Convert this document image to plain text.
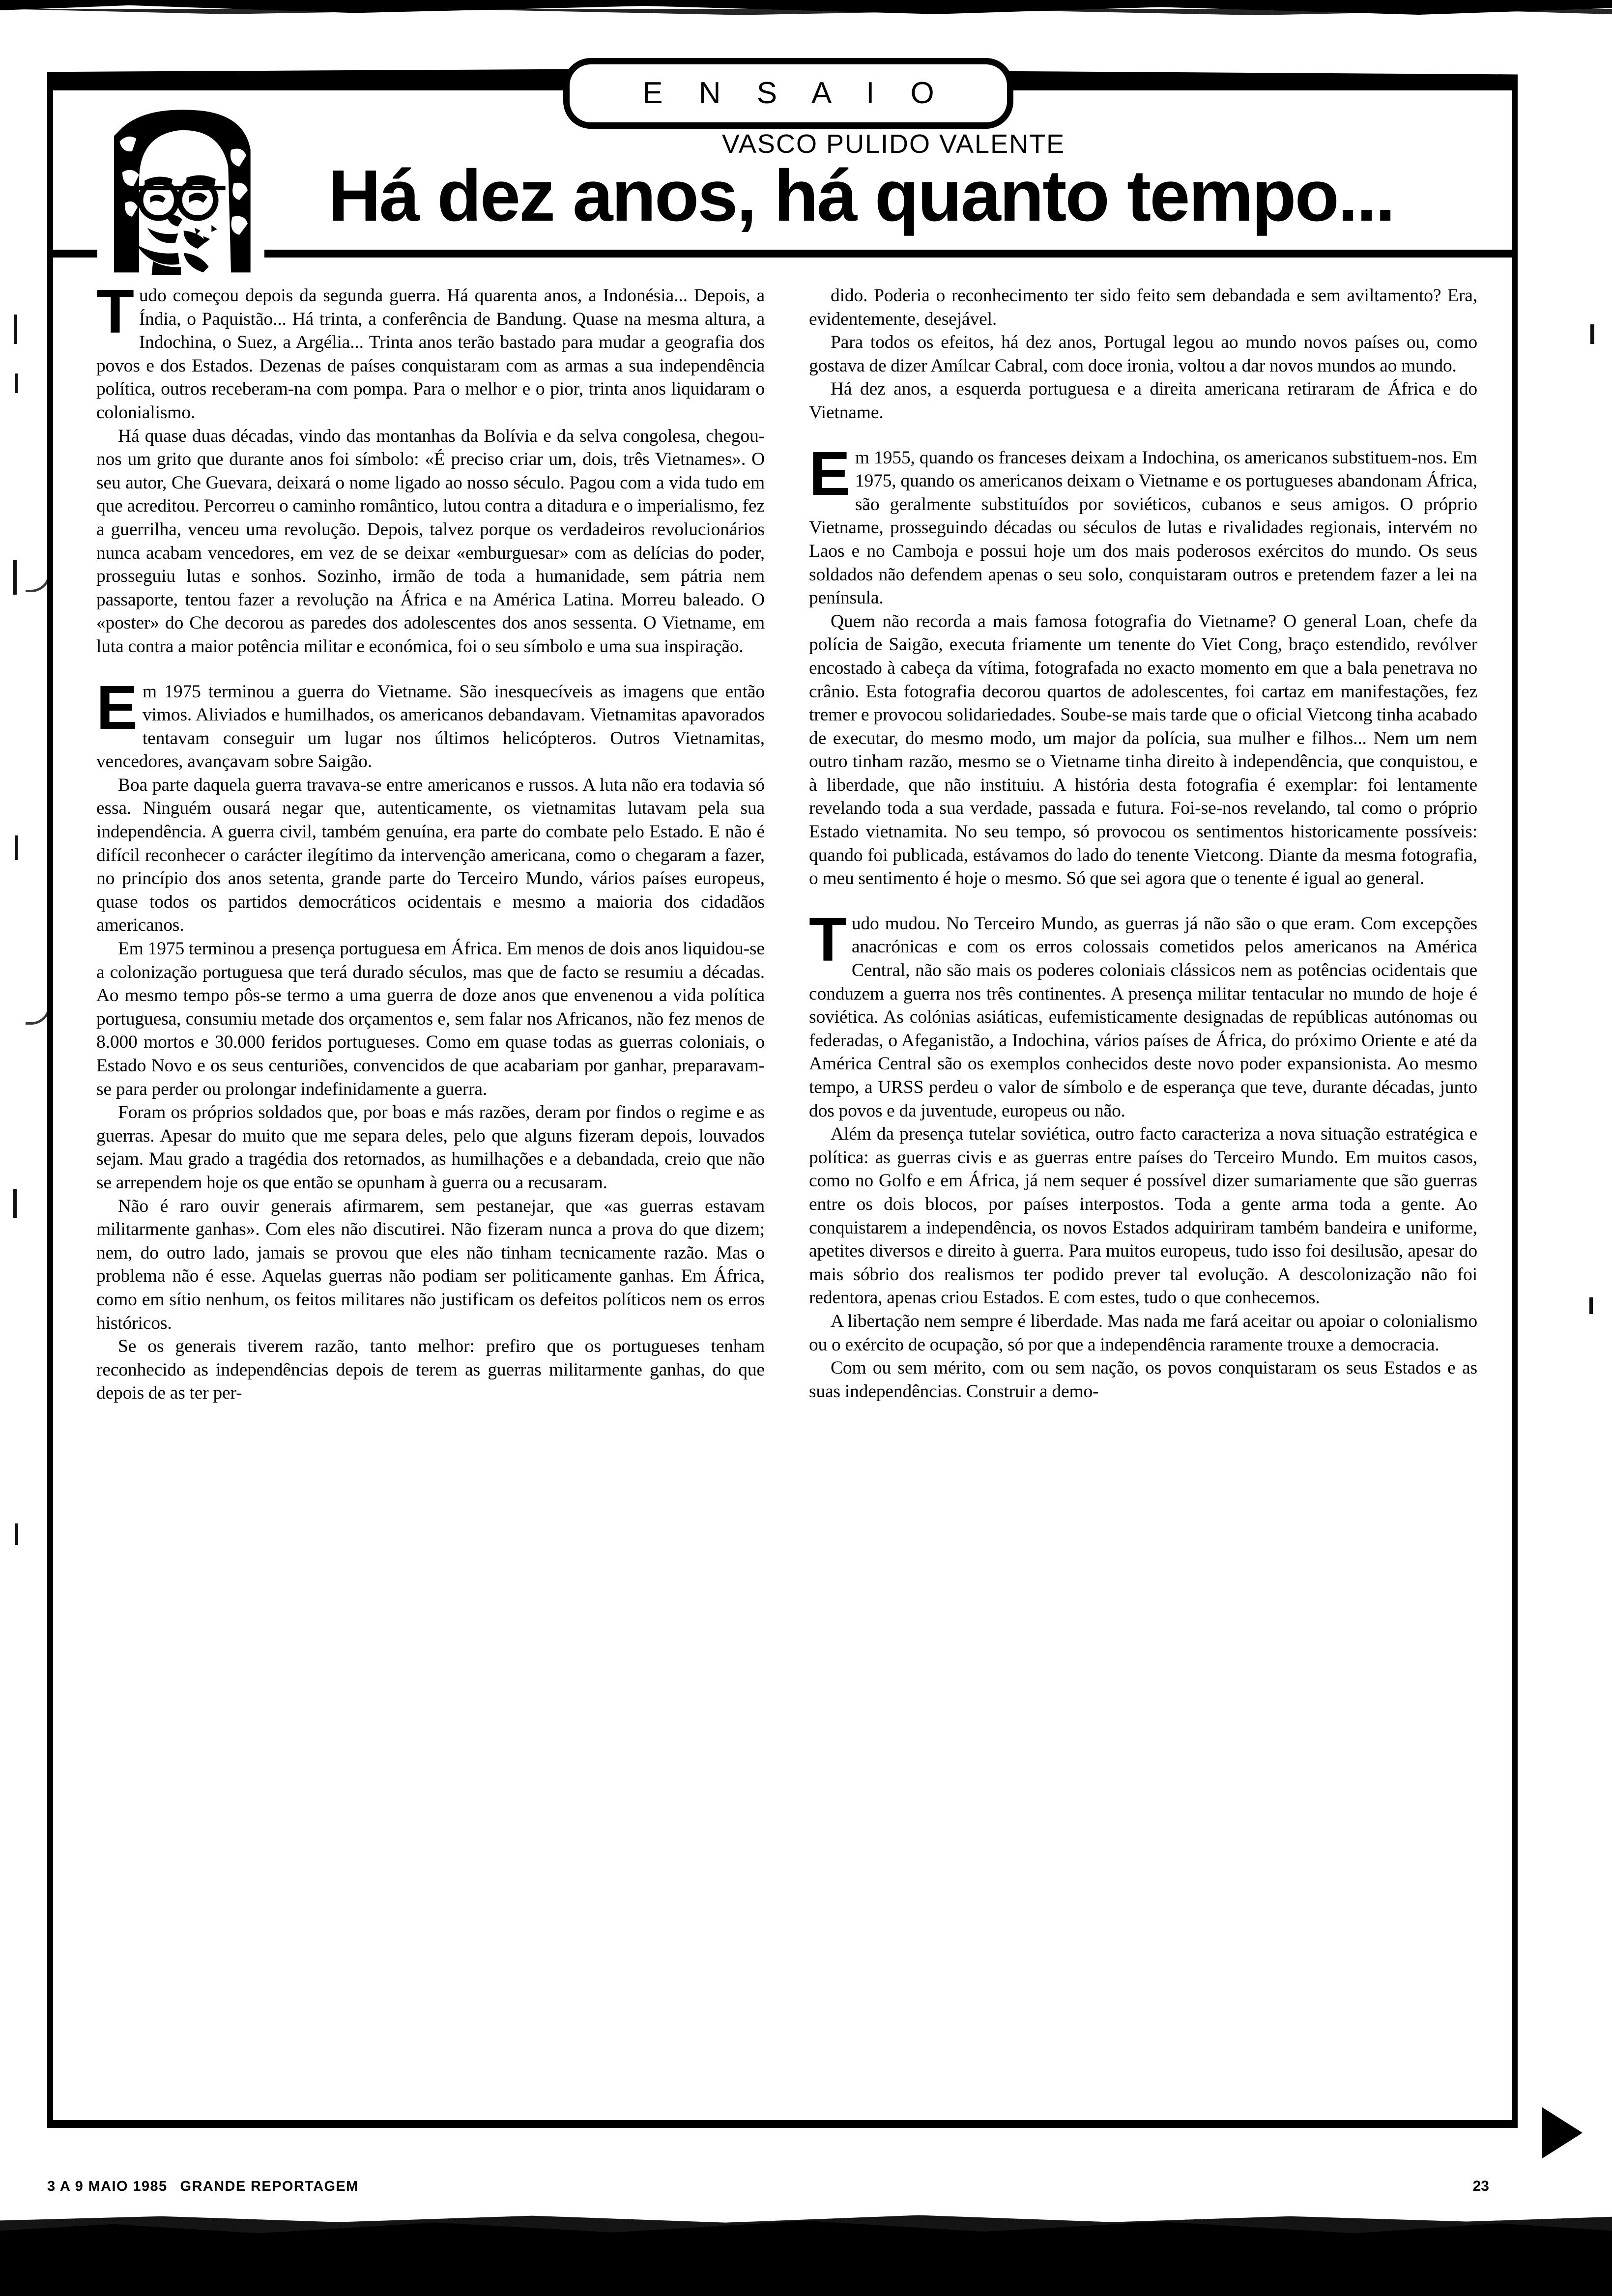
E N S A I O
VASCO PULIDO VALENTE
Há dez anos, há quanto tempo...

Tudo começou depois da segunda guerra. Há quarenta anos, a Indonésia... Depois, a Índia, o Paquistão... Há trinta, a conferência de Bandung. Quase na mesma altura, a Indochina, o Suez, a Argélia... Trinta anos terão bastado para mudar a geografia dos povos e dos Estados. Dezenas de países conquistaram com as armas a sua independência política, outros receberam-na com pompa. Para o melhor e o pior, trinta anos liquidaram o colonialismo.

Há quase duas décadas, vindo das montanhas da Bolívia e da selva congolesa, chegou-nos um grito que durante anos foi símbolo: «É preciso criar um, dois, três Vietnames». O seu autor, Che Guevara, deixará o nome ligado ao nosso século. Pagou com a vida tudo em que acreditou. Percorreu o caminho romântico, lutou contra a ditadura e o imperialismo, fez a guerrilha, venceu uma revolução. Depois, talvez porque os verdadeiros revolucionários nunca acabam vencedores, em vez de se deixar «emburguesar» com as delícias do poder, prosseguiu lutas e sonhos. Sozinho, irmão de toda a humanidade, sem pátria nem passaporte, tentou fazer a revolução na África e na América Latina. Morreu baleado. O «poster» do Che decorou as paredes dos adolescentes dos anos sessenta. O Vietname, em luta contra a maior potência militar e económica, foi o seu símbolo e uma sua inspiração.

Em 1975 terminou a guerra do Vietname. São inesquecíveis as imagens que então vimos. Aliviados e humilhados, os americanos debandavam. Vietnamitas apavorados tentavam conseguir um lugar nos últimos helicópteros. Outros Vietnamitas, vencedores, avançavam sobre Saigão.

Boa parte daquela guerra travava-se entre americanos e russos. A luta não era todavia só essa. Ninguém ousará negar que, autenticamente, os vietnamitas lutavam pela sua independência. A guerra civil, também genuína, era parte do combate pelo Estado. E não é difícil reconhecer o carácter ilegítimo da intervenção americana, como o chegaram a fazer, no princípio dos anos setenta, grande parte do Terceiro Mundo, vários países europeus, quase todos os partidos democráticos ocidentais e mesmo a maioria dos cidadãos americanos.

Em 1975 terminou a presença portuguesa em África. Em menos de dois anos liquidou-se a colonização portuguesa que terá durado séculos, mas que de facto se resumiu a décadas. Ao mesmo tempo pôs-se termo a uma guerra de doze anos que envenenou a vida política portuguesa, consumiu metade dos orçamentos e, sem falar nos Africanos, não fez menos de 8.000 mortos e 30.000 feridos portugueses. Como em quase todas as guerras coloniais, o Estado Novo e os seus centuriões, convencidos de que acabariam por ganhar, preparavam-se para perder ou prolongar indefinidamente a guerra.

Foram os próprios soldados que, por boas e más razões, deram por findos o regime e as guerras. Apesar do muito que me separa deles, pelo que alguns fizeram depois, louvados sejam. Mau grado a tragédia dos retornados, as humilhações e a debandada, creio que não se arrependem hoje os que então se opunham à guerra ou a recusaram.

Não é raro ouvir generais afirmarem, sem pestanejar, que «as guerras estavam militarmente ganhas». Com eles não discutirei. Não fizeram nunca a prova do que dizem; nem, do outro lado, jamais se provou que eles não tinham tecnicamente razão. Mas o problema não é esse. Aquelas guerras não podiam ser politicamente ganhas. Em África, como em sítio nenhum, os feitos militares não justificam os defeitos políticos nem os erros históricos.

Se os generais tiverem razão, tanto melhor: prefiro que os portugueses tenham reconhecido as independências depois de terem as guerras militarmente ganhas, do que depois de as ter per-

dido. Poderia o reconhecimento ter sido feito sem debandada e sem aviltamento? Era, evidentemente, desejável.

Para todos os efeitos, há dez anos, Portugal legou ao mundo novos países ou, como gostava de dizer Amílcar Cabral, com doce ironia, voltou a dar novos mundos ao mundo.

Há dez anos, a esquerda portuguesa e a direita americana retiraram de África e do Vietname.

Em 1955, quando os franceses deixam a Indochina, os americanos substituem-nos. Em 1975, quando os americanos deixam o Vietname e os portugueses abandonam África, são geralmente substituídos por soviéticos, cubanos e seus amigos. O próprio Vietname, prosseguindo décadas ou séculos de lutas e rivalidades regionais, intervém no Laos e no Camboja e possui hoje um dos mais poderosos exércitos do mundo. Os seus soldados não defendem apenas o seu solo, conquistaram outros e pretendem fazer a lei na península.

Quem não recorda a mais famosa fotografia do Vietname? O general Loan, chefe da polícia de Saigão, executa friamente um tenente do Viet Cong, braço estendido, revólver encostado à cabeça da vítima, fotografada no exacto momento em que a bala penetrava no crânio. Esta fotografia decorou quartos de adolescentes, foi cartaz em manifestações, fez tremer e provocou solidariedades. Soube-se mais tarde que o oficial Vietcong tinha acabado de executar, do mesmo modo, um major da polícia, sua mulher e filhos... Nem um nem outro tinham razão, mesmo se o Vietname tinha direito à independência, que conquistou, e à liberdade, que não instituiu. A história desta fotografia é exemplar: foi lentamente revelando toda a sua verdade, passada e futura. Foi-se-nos revelando, tal como o próprio Estado vietnamita. No seu tempo, só provocou os sentimentos historicamente possíveis: quando foi publicada, estávamos do lado do tenente Vietcong. Diante da mesma fotografia, o meu sentimento é hoje o mesmo. Só que sei agora que o tenente é igual ao general.

Tudo mudou. No Terceiro Mundo, as guerras já não são o que eram. Com excepções anacrónicas e com os erros colossais cometidos pelos americanos na América Central, não são mais os poderes coloniais clássicos nem as potências ocidentais que conduzem a guerra nos três continentes. A presença militar tentacular no mundo de hoje é soviética. As colónias asiáticas, eufemisticamente designadas de repúblicas autónomas ou federadas, o Afeganistão, a Indochina, vários países de África, do próximo Oriente e até da América Central são os exemplos conhecidos deste novo poder expansionista. Ao mesmo tempo, a URSS perdeu o valor de símbolo e de esperança que teve, durante décadas, junto dos povos e da juventude, europeus ou não.

Além da presença tutelar soviética, outro facto caracteriza a nova situação estratégica e política: as guerras civis e as guerras entre países do Terceiro Mundo. Em muitos casos, como no Golfo e em África, já nem sequer é possível dizer sumariamente que são guerras entre os dois blocos, por países interpostos. Toda a gente arma toda a gente. Ao conquistarem a independência, os novos Estados adquiriram também bandeira e uniforme, apetites diversos e direito à guerra. Para muitos europeus, tudo isso foi desilusão, apesar do mais sóbrio dos realismos ter podido prever tal evolução. A descolonização não foi redentora, apenas criou Estados. E com estes, tudo o que conhecemos.

A libertação nem sempre é liberdade. Mas nada me fará aceitar ou apoiar o colonialismo ou o exército de ocupação, só por que a independência raramente trouxe a democracia.

Com ou sem mérito, com ou sem nação, os povos conquistaram os seus Estados e as suas independências. Construir a demo-

3 A 9 MAIO 1985 GRANDE REPORTAGEM	23
